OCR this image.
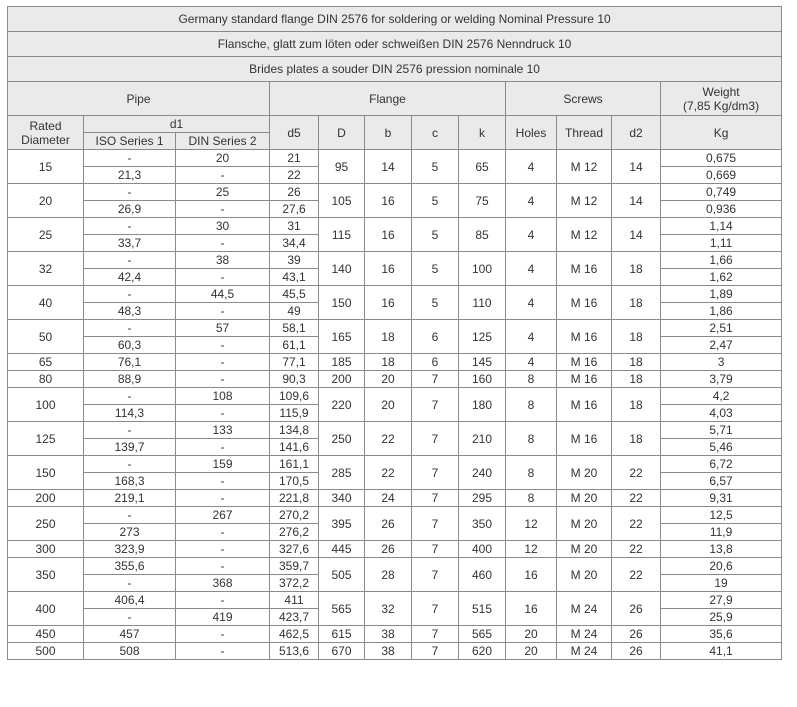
Germany standard flange DIN 2576 for soldering or welding Nominal Pressure 10											
Flansche, glatt zum löten oder schweißen DIN 2576 Nenndruck 10											
Brides plates a souder DIN 2576 pression nominale 10											
Pipe			Flange					Screws			Weight
(7,85 Kg/dm3)
Rated
Diameter	d1		d5	D	b	c	k	Holes	Thread	d2	Kg
	ISO Series 1	DIN Series 2									
15	-	20	21	95	14	5	65	4	M 12	14	0,675
	21,3	-	22								0,669
20	-	25	26	105	16	5	75	4	M 12	14	0,749
	26,9	-	27,6								0,936
25	-	30	31	115	16	5	85	4	M 12	14	1,14
	33,7	-	34,4								1,11
32	-	38	39	140	16	5	100	4	M 16	18	1,66
	42,4	-	43,1								1,62
40	-	44,5	45,5	150	16	5	110	4	M 16	18	1,89
	48,3	-	49								1,86
50	-	57	58,1	165	18	6	125	4	M 16	18	2,51
	60,3	-	61,1								2,47
65	76,1	-	77,1	185	18	6	145	4	M 16	18	3
80	88,9	-	90,3	200	20	7	160	8	M 16	18	3,79
100	-	108	109,6	220	20	7	180	8	M 16	18	4,2
	114,3	-	115,9								4,03
125	-	133	134,8	250	22	7	210	8	M 16	18	5,71
	139,7	-	141,6								5,46
150	-	159	161,1	285	22	7	240	8	M 20	22	6,72
	168,3	-	170,5								6,57
200	219,1	-	221,8	340	24	7	295	8	M 20	22	9,31
250	-	267	270,2	395	26	7	350	12	M 20	22	12,5
	273	-	276,2								11,9
300	323,9	-	327,6	445	26	7	400	12	M 20	22	13,8
350	355,6	-	359,7	505	28	7	460	16	M 20	22	20,6
	-	368	372,2								19
400	406,4	-	411	565	32	7	515	16	M 24	26	27,9
	-	419	423,7								25,9
450	457	-	462,5	615	38	7	565	20	M 24	26	35,6
500	508	-	513,6	670	38	7	620	20	M 24	26	41,1
